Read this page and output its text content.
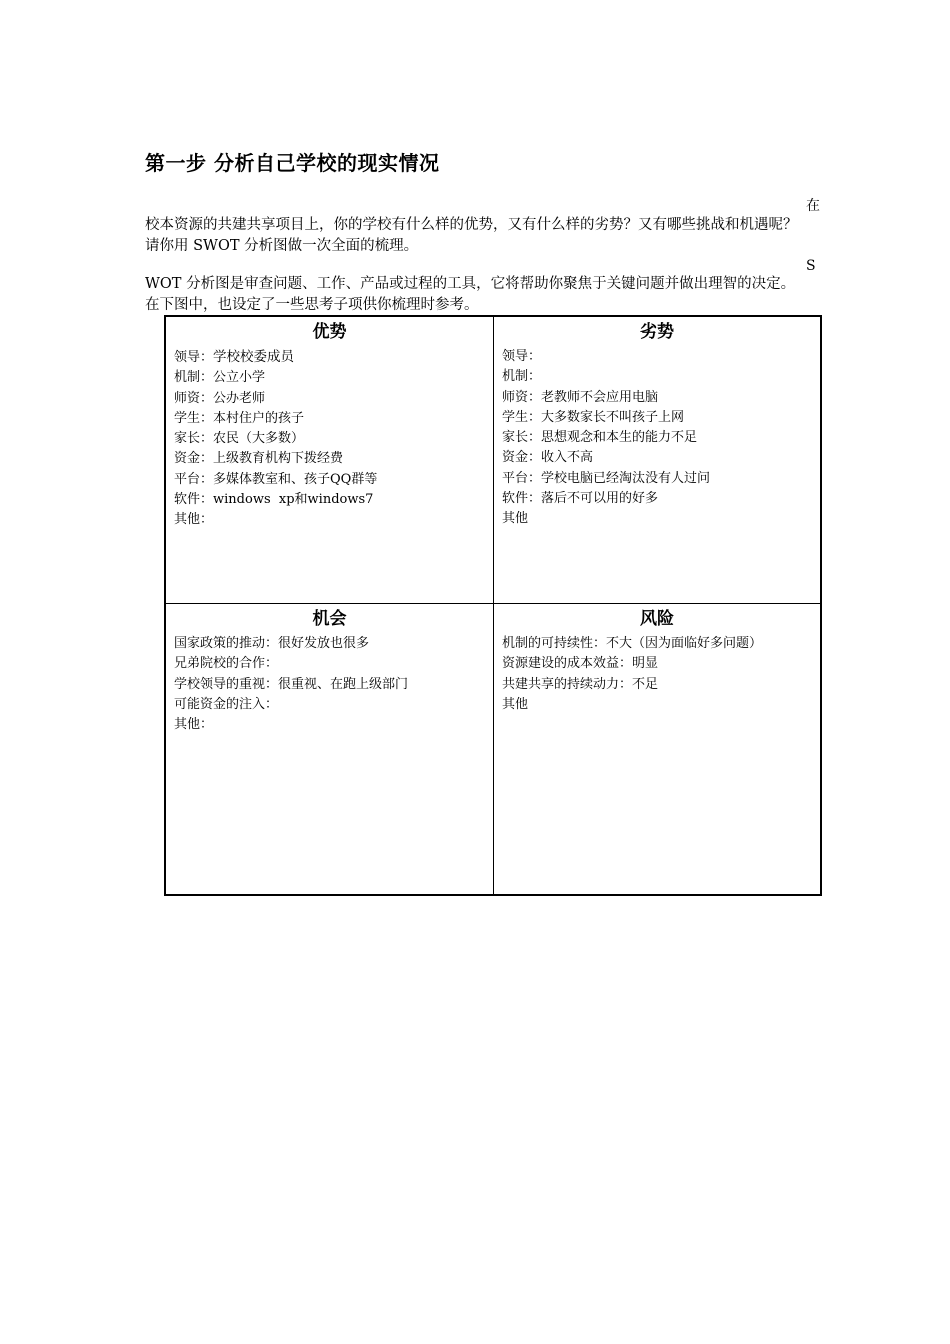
第一步 分析自己学校的现实情况
在

校本资源的共建共享项目上，你的学校有什么样的优势，又有什么样的劣势？又有哪些挑战和机遇呢？请你用 SWOT 分析图做一次全面的梳理。

S

WOT 分析图是审查问题、工作、产品或过程的工具，它将帮助你聚焦于关键问题并做出理智的决定。在下图中，也设定了一些思考子项供你梳理时参考。

优势
领导：学校校委成员
机制：公立小学
师资：公办老师
学生：本村住户的孩子
家长：农民（大多数）
资金：上级教育机构下拨经费
平台：多媒体教室和、孩子QQ群等
软件：windows  xp和windows7
其他：
劣势
领导：
机制：
师资：老教师不会应用电脑
学生：大多数家长不叫孩子上网
家长：思想观念和本生的能力不足
资金：收入不高
平台：学校电脑已经淘汰没有人过问
软件：落后不可以用的好多
其他
机会
国家政策的推动：很好发放也很多
兄弟院校的合作：
学校领导的重视：很重视、在跑上级部门
可能资金的注入：
其他：
风险
机制的可持续性：不大（因为面临好多问题）
资源建设的成本效益：明显
共建共享的持续动力：不足
其他
